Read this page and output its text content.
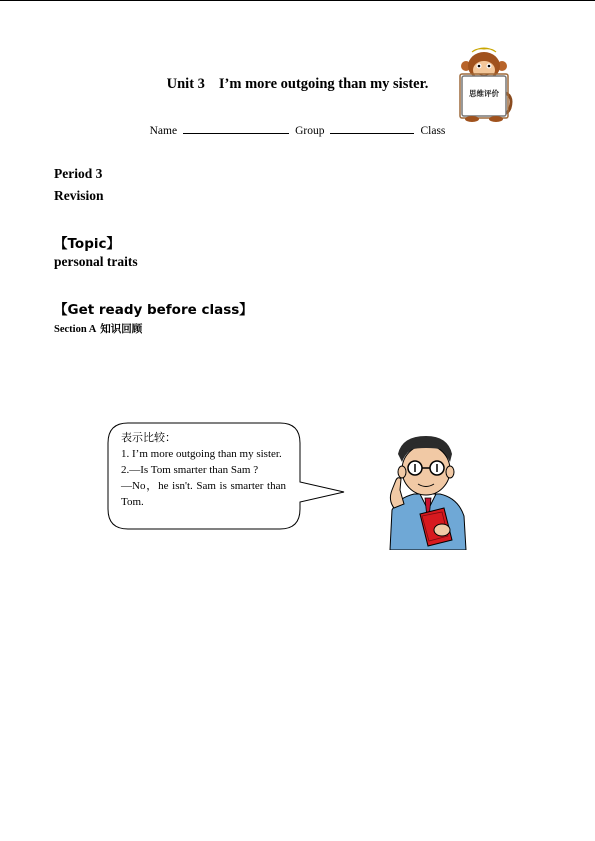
Unit 3 I’m more outgoing than my sister.
思维评价
Name	Group	Class
Period 3
Revision
【Topic】
personal traits
【Get ready before class】
Section A 知识回顾
表示比较：
1. I’m more outgoing than my sister.
2.—Is Tom smarter than Sam ?
—No，he isn't. Sam is smarter than Tom.
